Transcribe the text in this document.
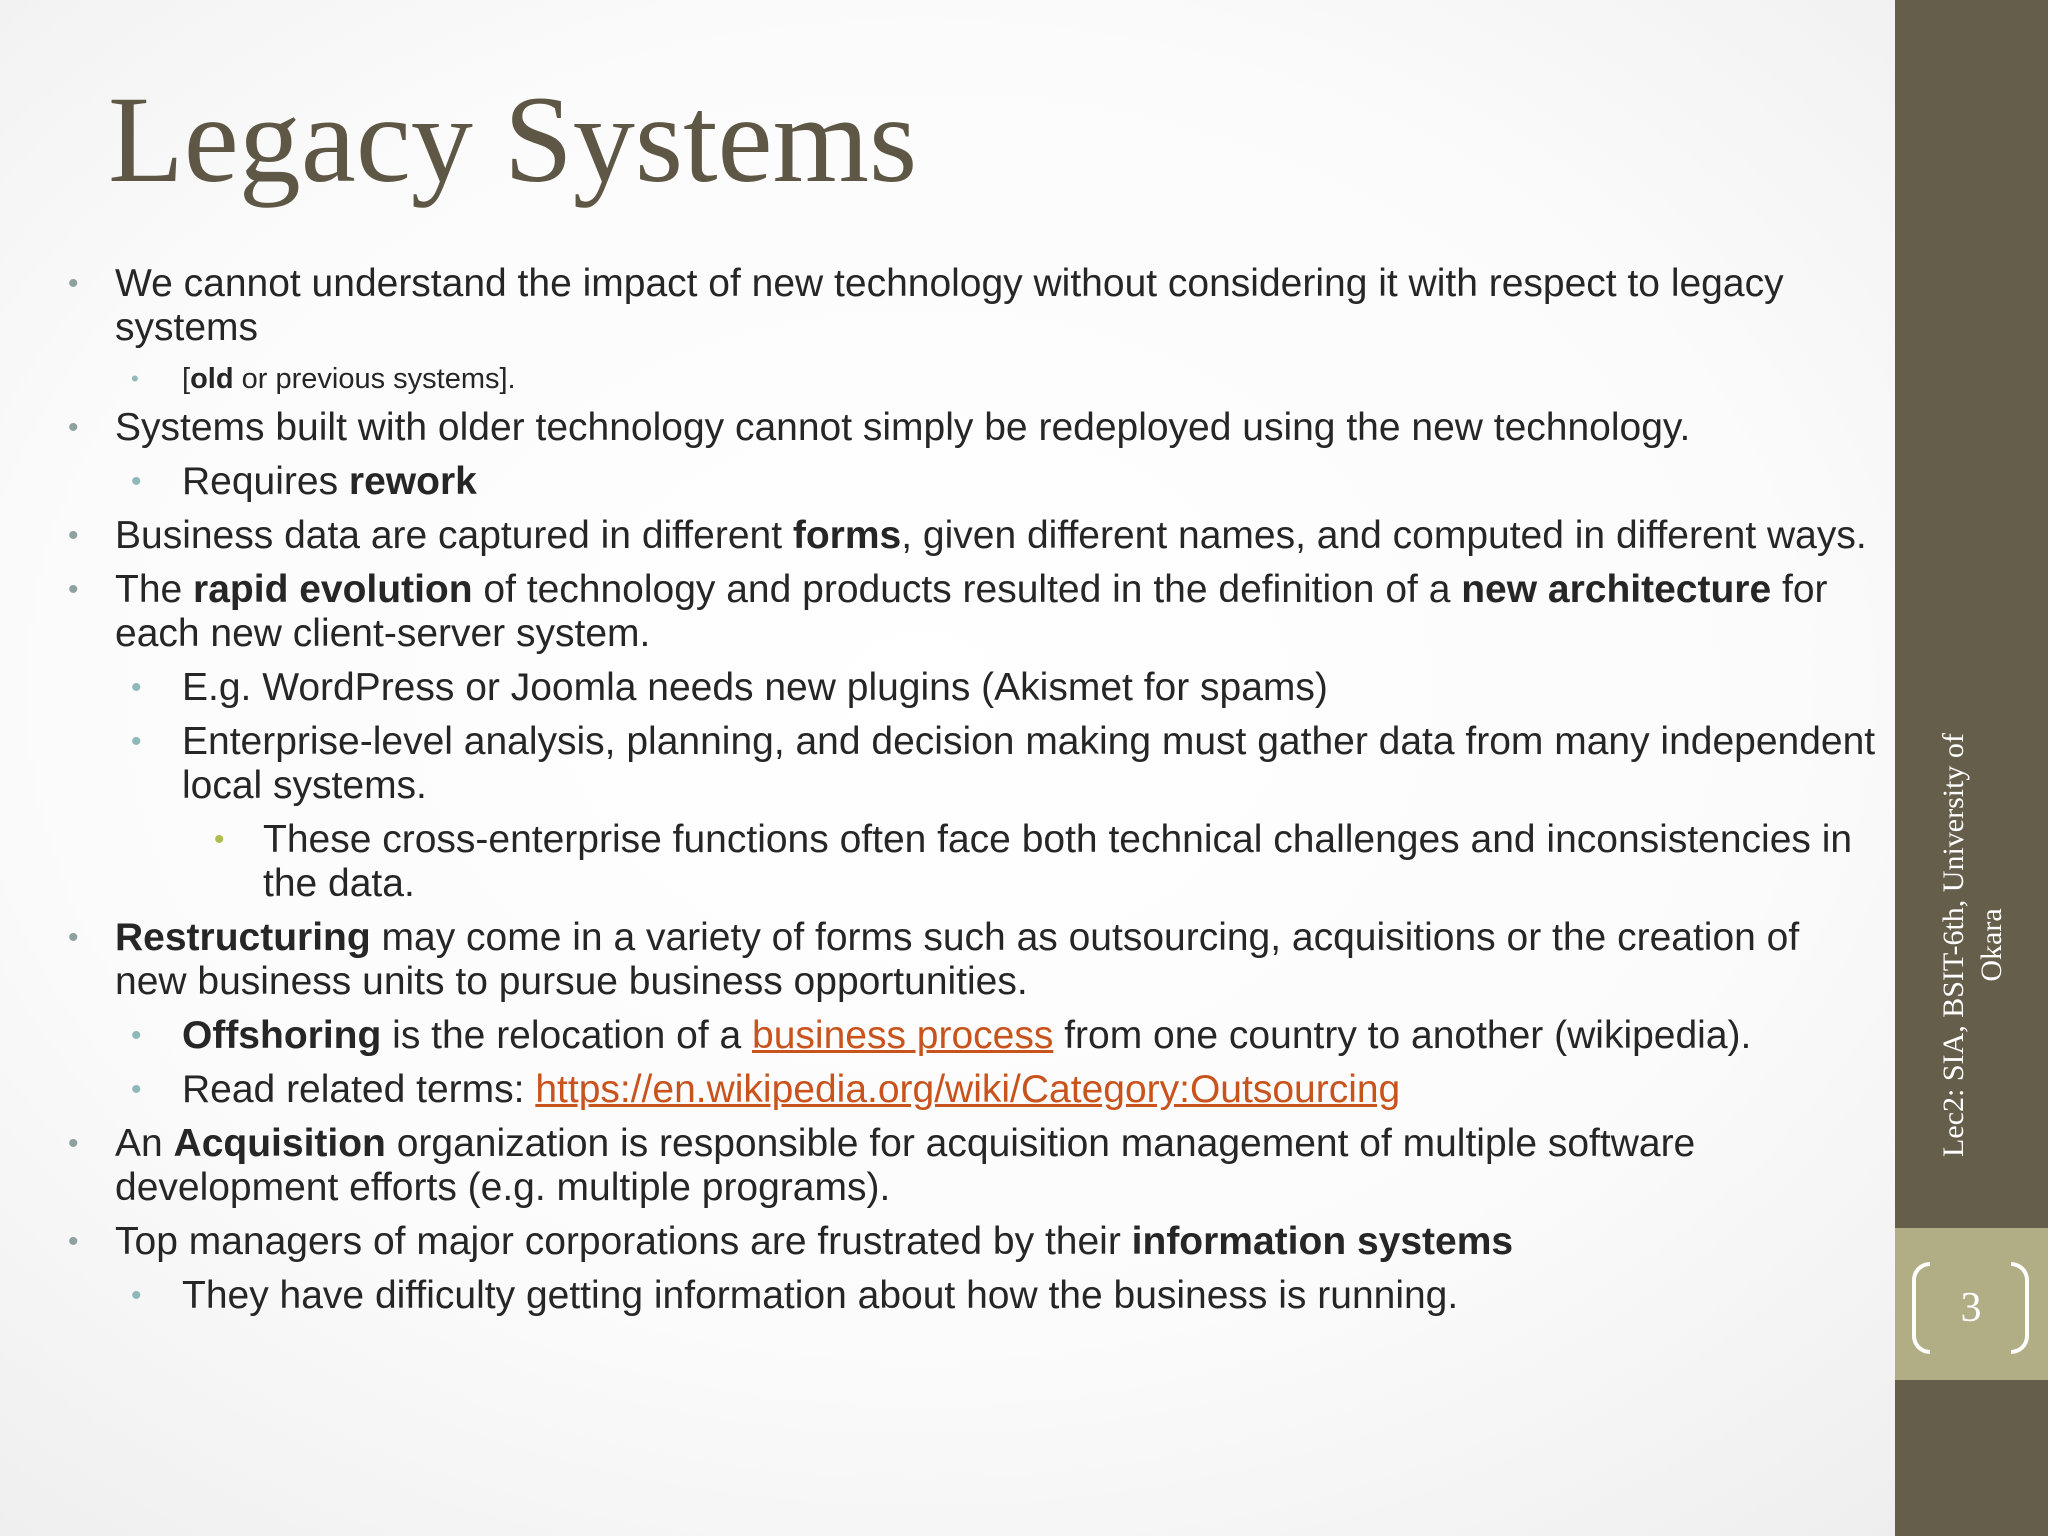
Legacy Systems
• We cannot understand the impact of new technology without considering it with respect to legacy systems
• [old or previous systems].
• Systems built with older technology cannot simply be redeployed using the new technology.
• Requires rework
• Business data are captured in different forms, given different names, and computed in different ways.
• The rapid evolution of technology and products resulted in the definition of a new architecture for each new client-server system.
• E.g. WordPress or Joomla needs new plugins (Akismet for spams)
• Enterprise-level analysis, planning, and decision making must gather data from many independent local systems.
• These cross-enterprise functions often face both technical challenges and inconsistencies in the data.
• Restructuring may come in a variety of forms such as outsourcing, acquisitions or the creation of new business units to pursue business opportunities.
• Offshoring is the relocation of a business process from one country to another (wikipedia).
• Read related terms: https://en.wikipedia.org/wiki/Category:Outsourcing
• An Acquisition organization is responsible for acquisition management of multiple software development efforts (e.g. multiple programs).
• Top managers of major corporations are frustrated by their information systems
• They have difficulty getting information about how the business is running.	3
Lec2: SIA, BSIT-6th, University of Okara
